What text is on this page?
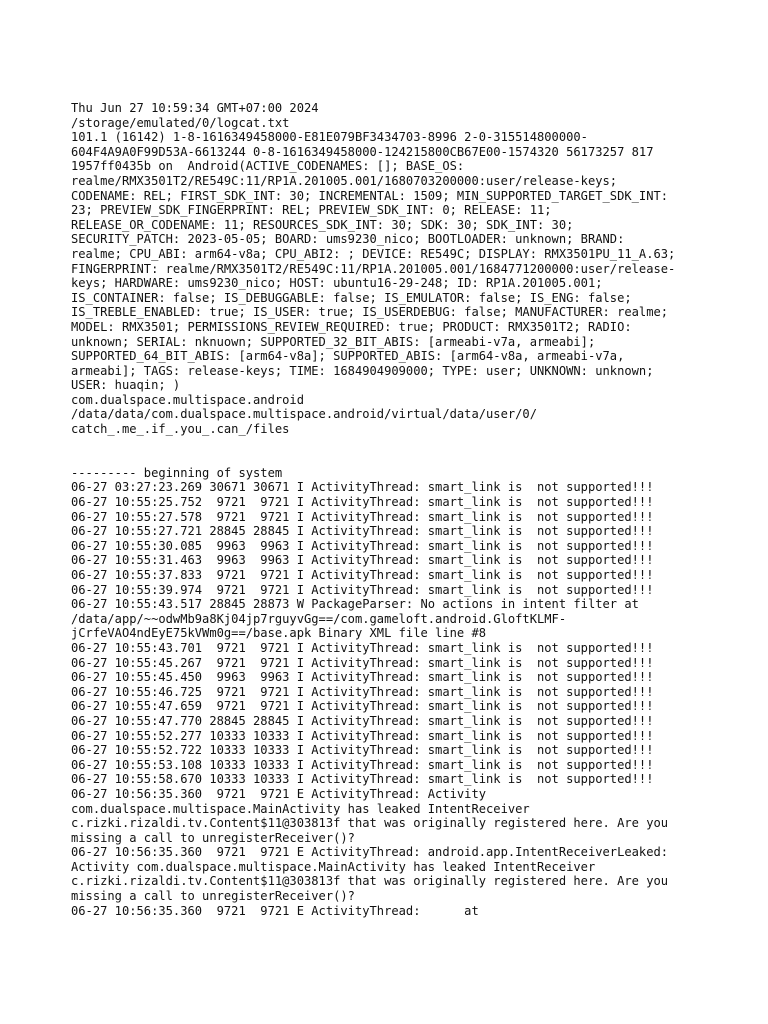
Thu Jun 27 10:59:34 GMT+07:00 2024
/storage/emulated/0/logcat.txt
101.1 (16142) 1-8-1616349458000-E81E079BF3434703-8996 2-0-315514800000-
604F4A9A0F99D53A-6613244 0-8-1616349458000-124215800CB67E00-1574320 56173257 817
1957ff0435b on  Android(ACTIVE_CODENAMES: []; BASE_OS:
realme/RMX3501T2/RE549C:11/RP1A.201005.001/1680703200000:user/release-keys;
CODENAME: REL; FIRST_SDK_INT: 30; INCREMENTAL: 1509; MIN_SUPPORTED_TARGET_SDK_INT:
23; PREVIEW_SDK_FINGERPRINT: REL; PREVIEW_SDK_INT: 0; RELEASE: 11;
RELEASE_OR_CODENAME: 11; RESOURCES_SDK_INT: 30; SDK: 30; SDK_INT: 30;
SECURITY_PATCH: 2023-05-05; BOARD: ums9230_nico; BOOTLOADER: unknown; BRAND:
realme; CPU_ABI: arm64-v8a; CPU_ABI2: ; DEVICE: RE549C; DISPLAY: RMX3501PU_11_A.63;
FINGERPRINT: realme/RMX3501T2/RE549C:11/RP1A.201005.001/1684771200000:user/release-
keys; HARDWARE: ums9230_nico; HOST: ubuntu16-29-248; ID: RP1A.201005.001;
IS_CONTAINER: false; IS_DEBUGGABLE: false; IS_EMULATOR: false; IS_ENG: false;
IS_TREBLE_ENABLED: true; IS_USER: true; IS_USERDEBUG: false; MANUFACTURER: realme;
MODEL: RMX3501; PERMISSIONS_REVIEW_REQUIRED: true; PRODUCT: RMX3501T2; RADIO:
unknown; SERIAL: nknuown; SUPPORTED_32_BIT_ABIS: [armeabi-v7a, armeabi];
SUPPORTED_64_BIT_ABIS: [arm64-v8a]; SUPPORTED_ABIS: [arm64-v8a, armeabi-v7a,
armeabi]; TAGS: release-keys; TIME: 1684904909000; TYPE: user; UNKNOWN: unknown;
USER: huaqin; )
com.dualspace.multispace.android
/data/data/com.dualspace.multispace.android/virtual/data/user/0/
catch_.me_.if_.you_.can_/files
--------- beginning of system
06-27 03:27:23.269 30671 30671 I ActivityThread: smart_link is  not supported!!!
06-27 10:55:25.752  9721  9721 I ActivityThread: smart_link is  not supported!!!
06-27 10:55:27.578  9721  9721 I ActivityThread: smart_link is  not supported!!!
06-27 10:55:27.721 28845 28845 I ActivityThread: smart_link is  not supported!!!
06-27 10:55:30.085  9963  9963 I ActivityThread: smart_link is  not supported!!!
06-27 10:55:31.463  9963  9963 I ActivityThread: smart_link is  not supported!!!
06-27 10:55:37.833  9721  9721 I ActivityThread: smart_link is  not supported!!!
06-27 10:55:39.974  9721  9721 I ActivityThread: smart_link is  not supported!!!
06-27 10:55:43.517 28845 28873 W PackageParser: No actions in intent filter at
/data/app/~~odwMb9a8Kj04jp7rguyvGg==/com.gameloft.android.GloftKLMF-
jCrfeVAO4ndEyE75kVWm0g==/base.apk Binary XML file line #8
06-27 10:55:43.701  9721  9721 I ActivityThread: smart_link is  not supported!!!
06-27 10:55:45.267  9721  9721 I ActivityThread: smart_link is  not supported!!!
06-27 10:55:45.450  9963  9963 I ActivityThread: smart_link is  not supported!!!
06-27 10:55:46.725  9721  9721 I ActivityThread: smart_link is  not supported!!!
06-27 10:55:47.659  9721  9721 I ActivityThread: smart_link is  not supported!!!
06-27 10:55:47.770 28845 28845 I ActivityThread: smart_link is  not supported!!!
06-27 10:55:52.277 10333 10333 I ActivityThread: smart_link is  not supported!!!
06-27 10:55:52.722 10333 10333 I ActivityThread: smart_link is  not supported!!!
06-27 10:55:53.108 10333 10333 I ActivityThread: smart_link is  not supported!!!
06-27 10:55:58.670 10333 10333 I ActivityThread: smart_link is  not supported!!!
06-27 10:56:35.360  9721  9721 E ActivityThread: Activity
com.dualspace.multispace.MainActivity has leaked IntentReceiver
c.rizki.rizaldi.tv.Content$11@303813f that was originally registered here. Are you
missing a call to unregisterReceiver()?
06-27 10:56:35.360  9721  9721 E ActivityThread: android.app.IntentReceiverLeaked:
Activity com.dualspace.multispace.MainActivity has leaked IntentReceiver
c.rizki.rizaldi.tv.Content$11@303813f that was originally registered here. Are you
missing a call to unregisterReceiver()?
06-27 10:56:35.360  9721  9721 E ActivityThread:      at
